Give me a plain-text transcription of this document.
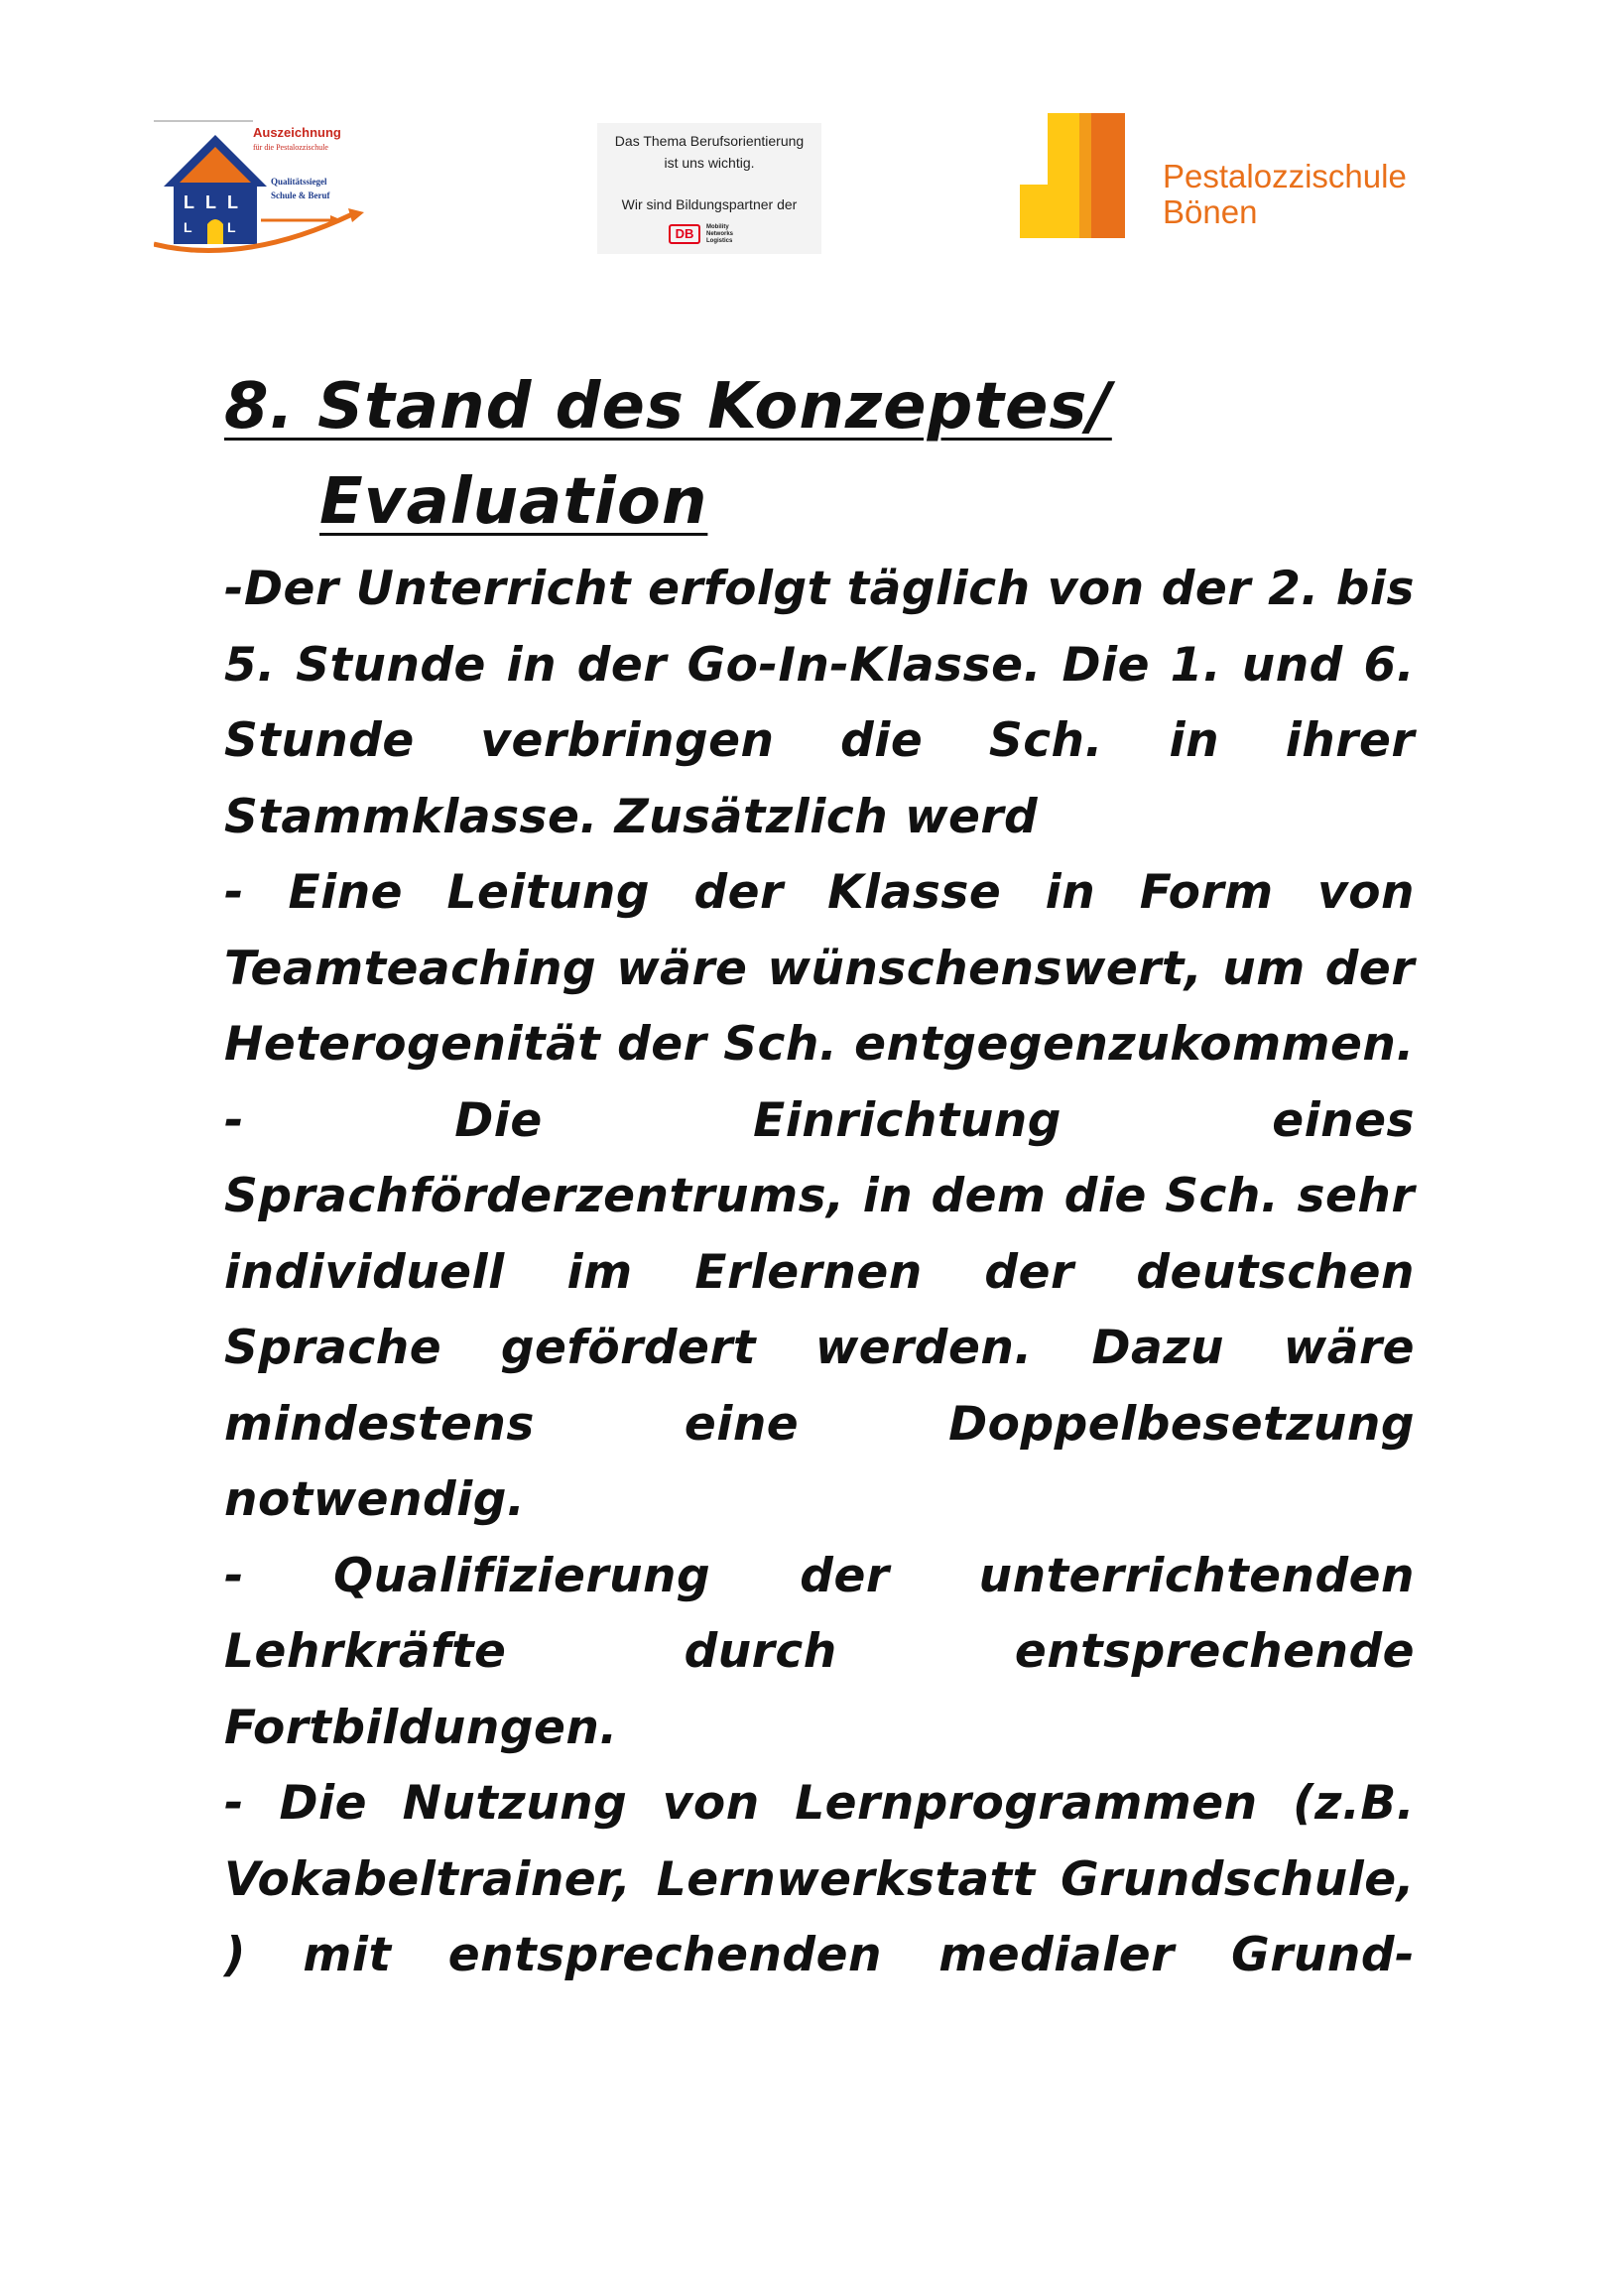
L L L
L	L
Auszeichnung
für die Pestalozzischule
Qualitätssiegel
Schule & Beruf
Das Thema Berufsorientierung
ist uns wichtig.
Wir sind Bildungspartner der
DB	Mobility
Networks
Logistics
Pestalozzischule
Bönen
8. Stand des Konzeptes/
Evaluation

-Der Unterricht erfolgt täglich von der 2. bis 5. Stunde in der Go-In-Klasse. Die 1. und 6. Stunde verbringen die Sch. in ihrer Stammklasse. Zusätzlich werd

- Eine Leitung der Klasse in Form von Teamteaching wäre wünschenswert, um der Heterogenität der Sch. entgegenzukommen.

- Die Einrichtung eines Sprachförderzentrums, in dem die Sch. sehr individuell im Erlernen der deutschen Sprache gefördert werden. Dazu wäre mindestens eine Doppelbesetzung notwendig.

- Qualifizierung der unterrichtenden Lehrkräfte durch entsprechende Fortbildungen.

- Die Nutzung von Lernprogrammen (z.B. Vokabeltrainer, Lernwerkstatt Grundschule, ) mit entsprechenden medialer Grund-
